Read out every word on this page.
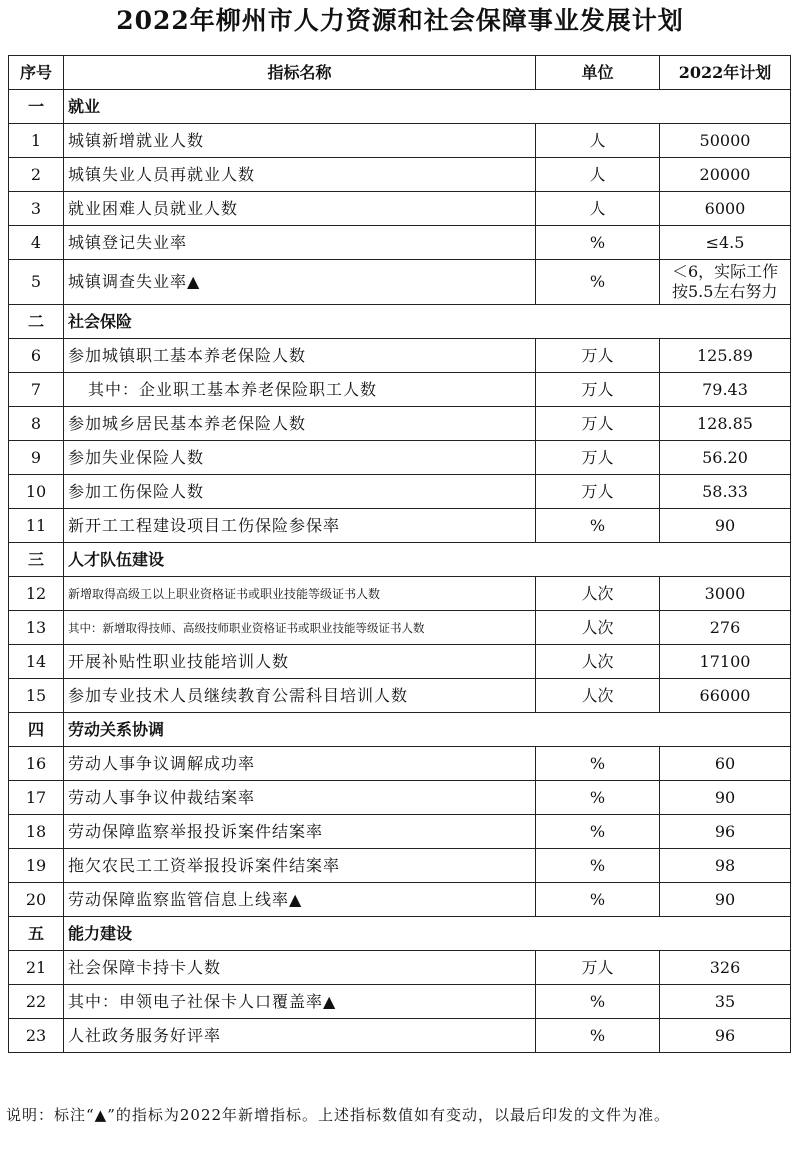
2022年柳州市人力资源和社会保障事业发展计划
序号	指标名称	单位	2022年计划
一	就业		
1	城镇新增就业人数	人	50000
2	城镇失业人员再就业人数	人	20000
3	就业困难人员就业人数	人	6000
4	城镇登记失业率	%	≤4.5
5	城镇调查失业率▲	%	＜6，实际工作按5.5左右努力
二	社会保险		
6	参加城镇职工基本养老保险人数	万人	125.89
7	其中：企业职工基本养老保险职工人数	万人	79.43
8	参加城乡居民基本养老保险人数	万人	128.85
9	参加失业保险人数	万人	56.20
10	参加工伤保险人数	万人	58.33
11	新开工工程建设项目工伤保险参保率	%	90
三	人才队伍建设		
12	新增取得高级工以上职业资格证书或职业技能等级证书人数	人次	3000
13	其中：新增取得技师、高级技师职业资格证书或职业技能等级证书人数	人次	276
14	开展补贴性职业技能培训人数	人次	17100
15	参加专业技术人员继续教育公需科目培训人数	人次	66000
四	劳动关系协调		
16	劳动人事争议调解成功率	%	60
17	劳动人事争议仲裁结案率	%	90
18	劳动保障监察举报投诉案件结案率	%	96
19	拖欠农民工工资举报投诉案件结案率	%	98
20	劳动保障监察监管信息上线率▲	%	90
五	能力建设		
21	社会保障卡持卡人数	万人	326
22	其中：申领电子社保卡人口覆盖率▲	%	35
23	人社政务服务好评率	%	96
说明：标注“▲”的指标为2022年新增指标。上述指标数值如有变动，以最后印发的文件为准。
